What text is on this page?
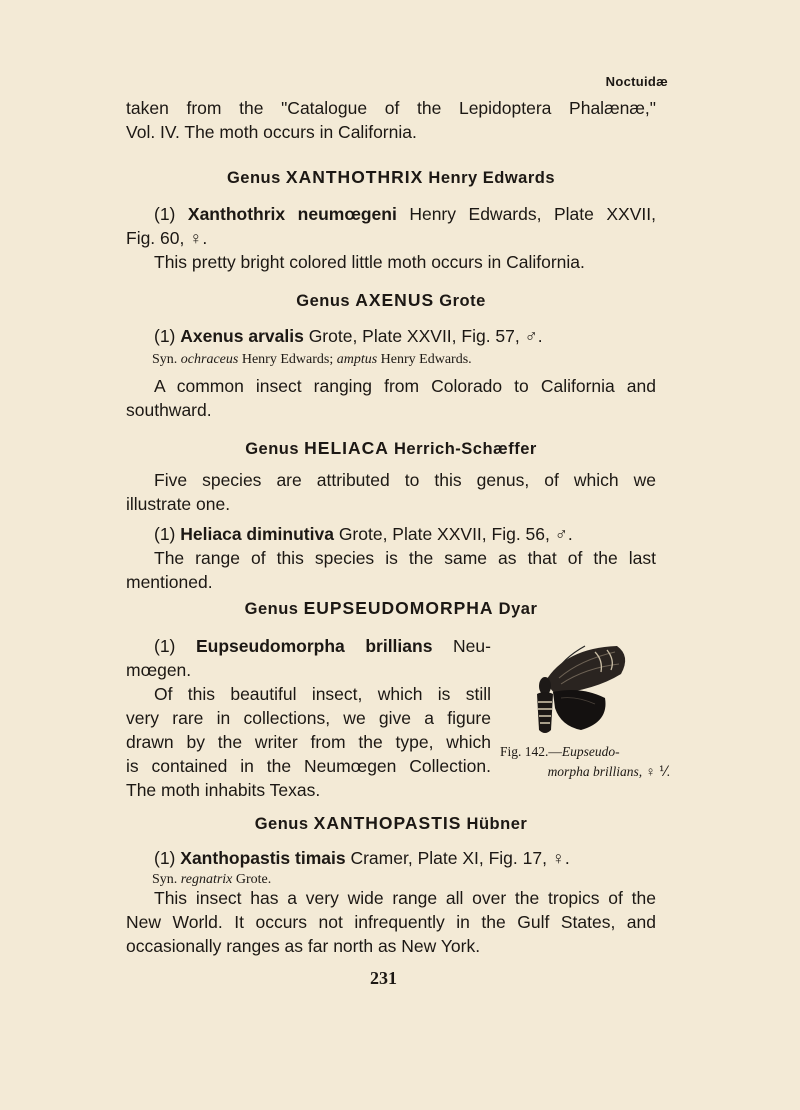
Noctuidæ
taken from the "Catalogue of the Lepidoptera Phalænæ,"
Vol. IV. The moth occurs in California.
Genus XANTHOTHRIX Henry Edwards
(1) Xanthothrix neumœgeni Henry Edwards, Plate XXVII,
Fig. 60, ♀.
This pretty bright colored little moth occurs in California.
Genus AXENUS Grote
(1) Axenus arvalis Grote, Plate XXVII, Fig. 57, ♂.
Syn. ochraceus Henry Edwards; amptus Henry Edwards.
A common insect ranging from Colorado to California and
southward.
Genus HELIACA Herrich-Schæffer
Five species are attributed to this genus, of which we
illustrate one.
(1) Heliaca diminutiva Grote, Plate XXVII, Fig. 56, ♂.
The range of this species is the same as that of the last
mentioned.
Genus EUPSEUDOMORPHA Dyar
(1) Eupseudomorpha brillians Neu-
mœgen.
Of this beautiful insect, which is still
very rare in collections, we give a figure
drawn by the writer from the type, which
is contained in the Neumœgen Collection.
The moth inhabits Texas.
Fig. 142.—Eupseudo-
morpha brillians, ♀ ⅟.
Genus XANTHOPASTIS Hübner
(1) Xanthopastis timais Cramer, Plate XI, Fig. 17, ♀.
Syn. regnatrix Grote.
This insect has a very wide range all over the tropics of the
New World. It occurs not infrequently in the Gulf States, and
occasionally ranges as far north as New York.
231
